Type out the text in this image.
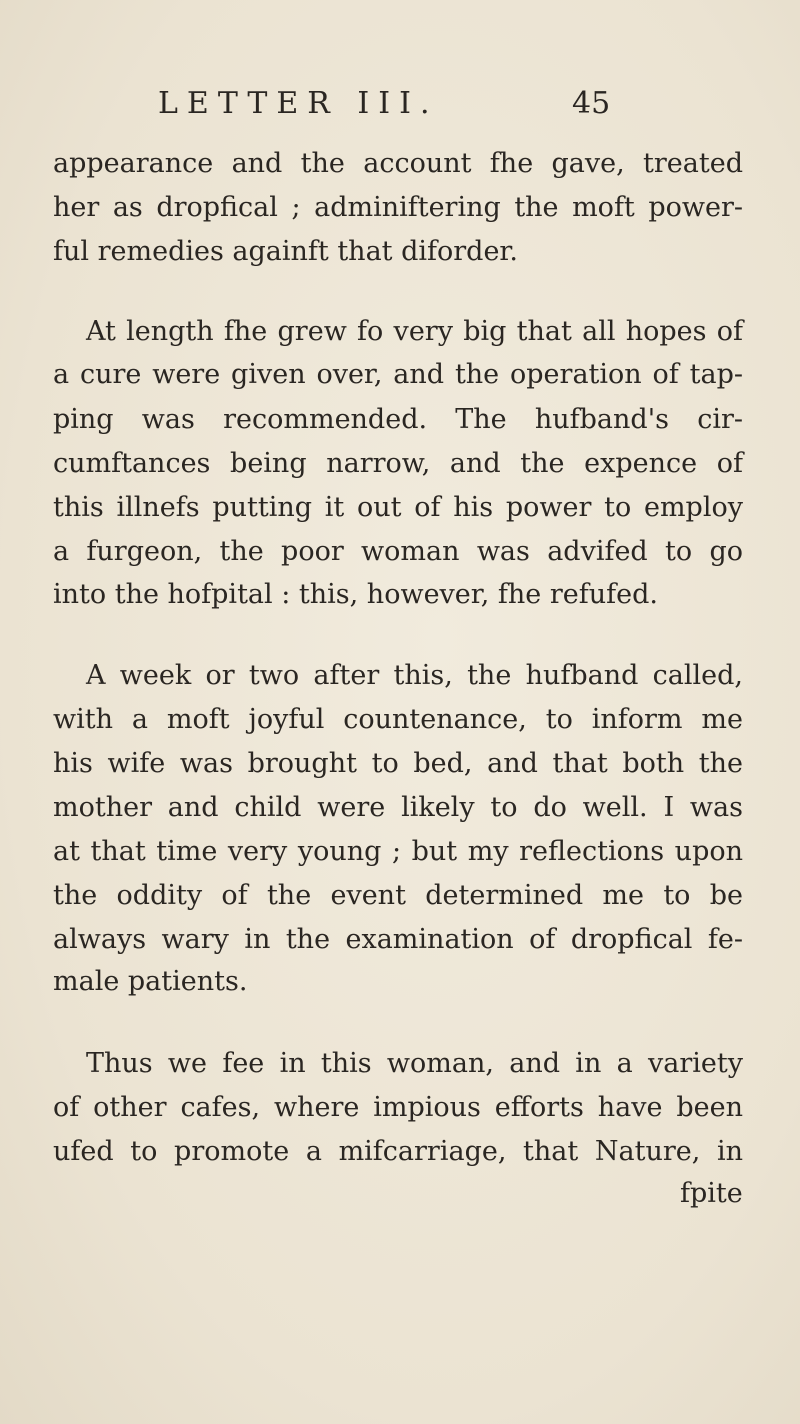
LETTER III.	45
appearance and the account fhe gave, treated
her as dropfical ; adminiftering the moft power-
ful remedies againft that diforder.
At length fhe grew fo very big that all hopes of
a cure were given over, and the operation of tap-
ping was recommended. The hufband's cir-
cumftances being narrow, and the expence of
this illnefs putting it out of his power to employ
a furgeon, the poor woman was advifed to go
into the hofpital : this, however, fhe refufed.
A week or two after this, the hufband called,
with a moft joyful countenance, to inform me
his wife was brought to bed, and that both the
mother and child were likely to do well. I was
at that time very young ; but my reflections upon
the oddity of the event determined me to be
always wary in the examination of dropfical fe-
male patients.
Thus we fee in this woman, and in a variety
of other cafes, where impious efforts have been
ufed to promote a mifcarriage, that Nature, in
fpite
